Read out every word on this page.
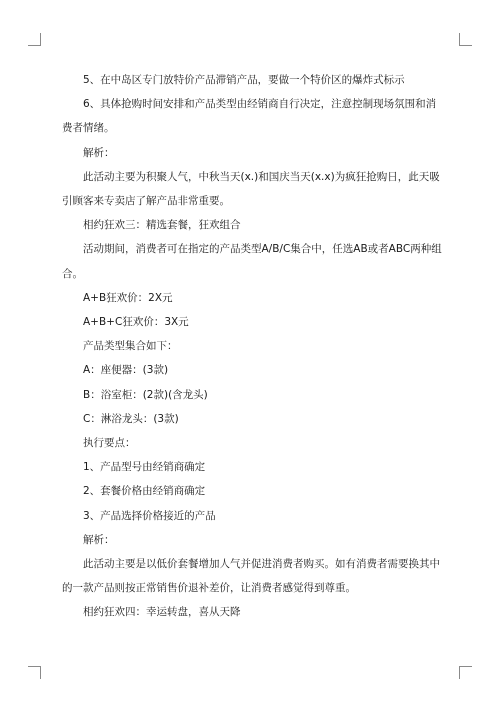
5、在中岛区专门放特价产品滞销产品，要做一个特价区的爆炸式标示

6、具体抢购时间安排和产品类型由经销商自行决定，注意控制现场氛围和消费者情绪。

解析：

此活动主要为积聚人气，中秋当天(x.)和国庆当天(x.x)为疯狂抢购日，此天吸引顾客来专卖店了解产品非常重要。

相约狂欢三：精选套餐，狂欢组合

活动期间，消费者可在指定的产品类型A/B/C集合中，任选AB或者ABC两种组合。

A+B狂欢价：2X元

A+B+C狂欢价：3X元

产品类型集合如下：

A：座便器：(3款)

B：浴室柜：(2款)(含龙头)

C：淋浴龙头：(3款)

执行要点：

1、产品型号由经销商确定

2、套餐价格由经销商确定

3、产品选择价格接近的产品

解析：

此活动主要是以低价套餐增加人气并促进消费者购买。如有消费者需要换其中的一款产品则按正常销售价退补差价，让消费者感觉得到尊重。

相约狂欢四：幸运转盘，喜从天降
